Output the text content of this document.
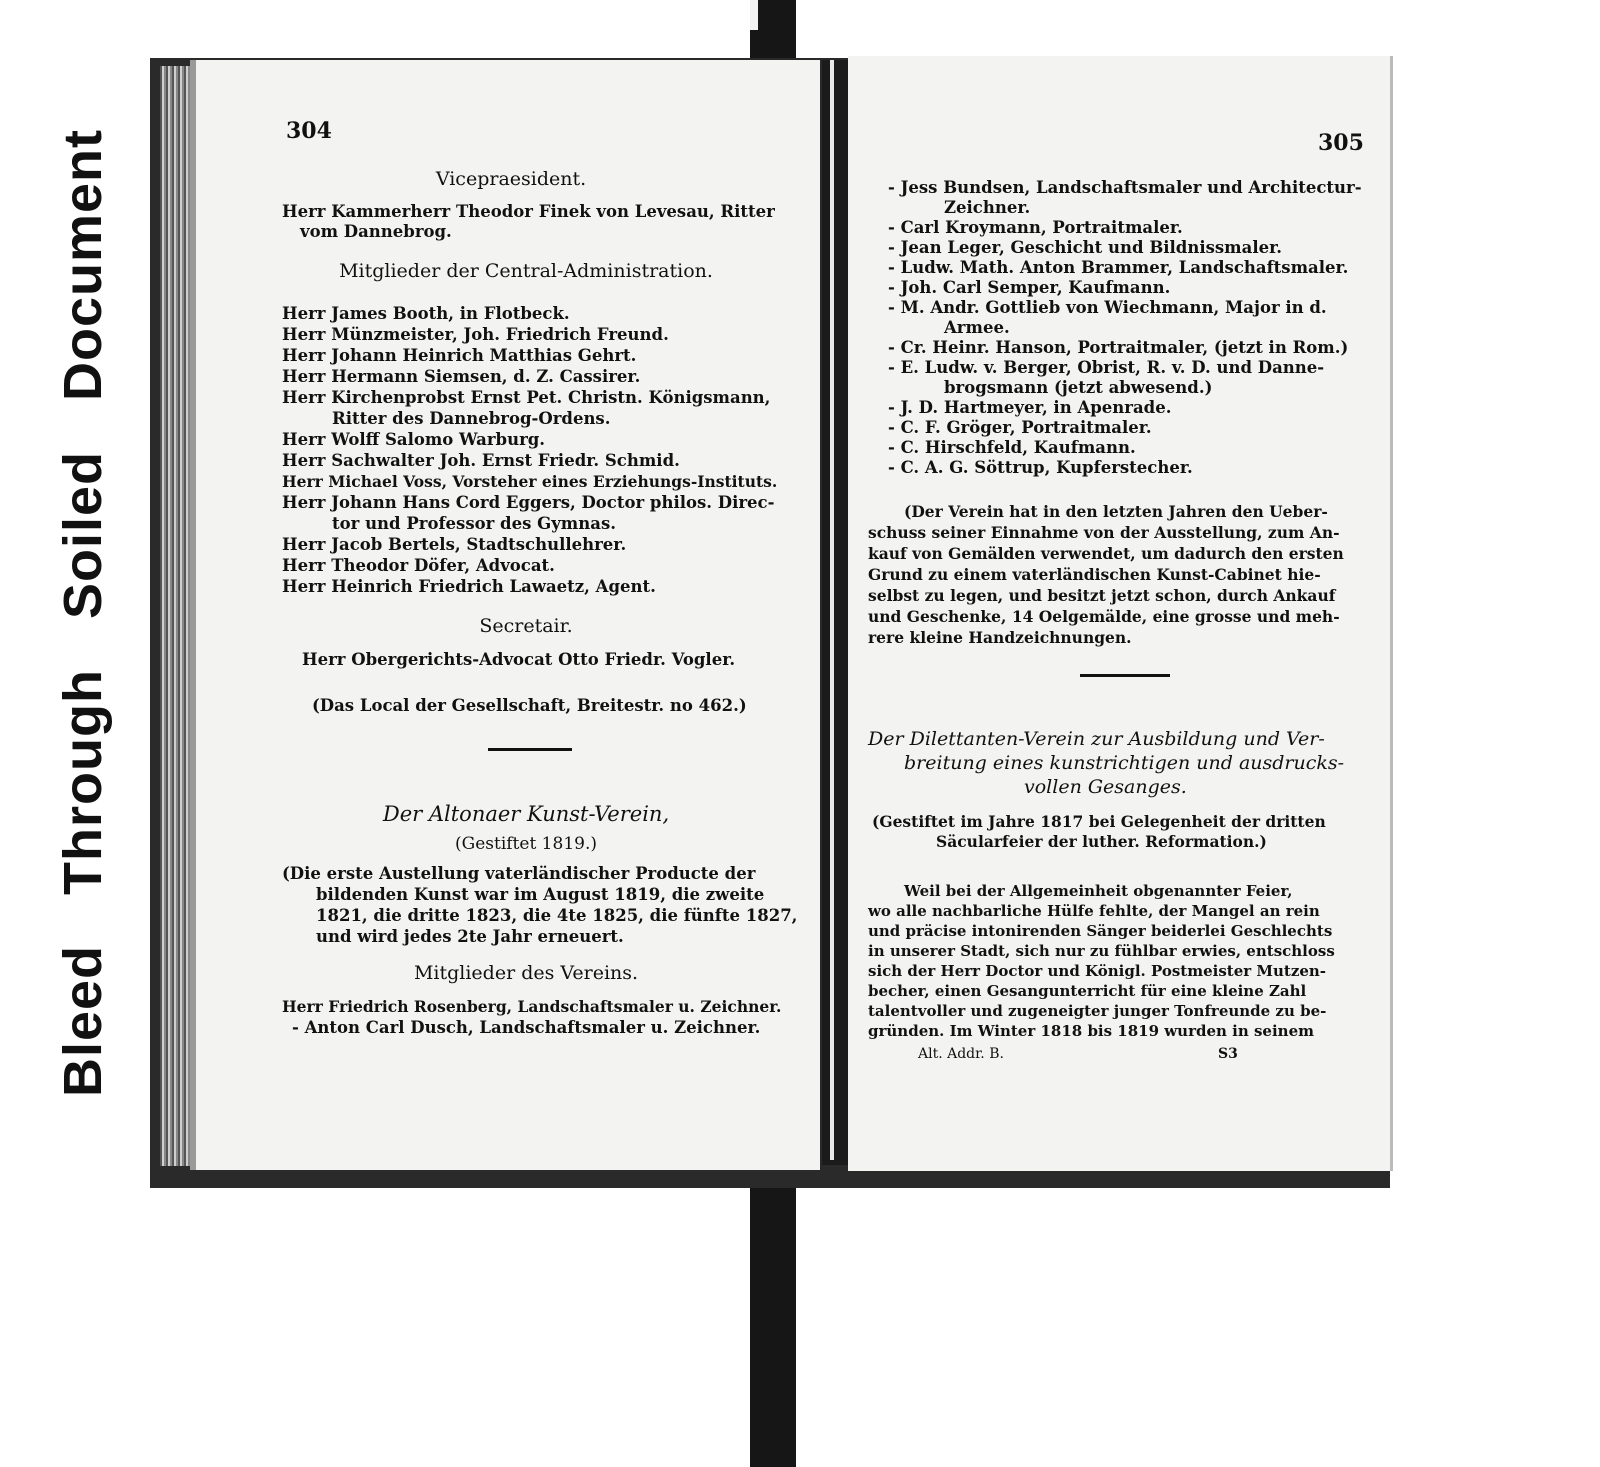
304
Vicepraesident.
Herr Kammerherr Theodor Finek von Levesau, Ritter
vom Dannebrog.
Mitglieder der Central-Administration.
Herr James Booth, in Flotbeck.
Herr Münzmeister, Joh. Friedrich Freund.
Herr Johann Heinrich Matthias Gehrt.
Herr Hermann Siemsen, d. Z. Cassirer.
Herr Kirchenprobst Ernst Pet. Christn. Königsmann,
Ritter des Dannebrog-Ordens.
Herr Wolff Salomo Warburg.
Herr Sachwalter Joh. Ernst Friedr. Schmid.
Herr Michael Voss, Vorsteher eines Erziehungs-Instituts.
Herr Johann Hans Cord Eggers, Doctor philos. Direc-
tor und Professor des Gymnas.
Herr Jacob Bertels, Stadtschullehrer.
Herr Theodor Döfer, Advocat.
Herr Heinrich Friedrich Lawaetz, Agent.
Secretair.
Herr Obergerichts-Advocat Otto Friedr. Vogler.
(Das Local der Gesellschaft, Breitestr. no 462.)
Der Altonaer Kunst-Verein,
(Gestiftet 1819.)
(Die erste Austellung vaterländischer Producte der
bildenden Kunst war im August 1819, die zweite
1821, die dritte 1823, die 4te 1825, die fünfte 1827,
und wird jedes 2te Jahr erneuert.
Mitglieder des Vereins.
Herr Friedrich Rosenberg, Landschaftsmaler u. Zeichner.
- Anton Carl Dusch, Landschaftsmaler u. Zeichner.
305
- Jess Bundsen, Landschaftsmaler und Architectur-
Zeichner.
- Carl Kroymann, Portraitmaler.
- Jean Leger, Geschicht und Bildnissmaler.
- Ludw. Math. Anton Brammer, Landschaftsmaler.
- Joh. Carl Semper, Kaufmann.
- M. Andr. Gottlieb von Wiechmann, Major in d.
Armee.
- Cr. Heinr. Hanson, Portraitmaler, (jetzt in Rom.)
- E. Ludw. v. Berger, Obrist, R. v. D. und Danne-
brogsmann (jetzt abwesend.)
- J. D. Hartmeyer, in Apenrade.
- C. F. Gröger, Portraitmaler.
- C. Hirschfeld, Kaufmann.
- C. A. G. Söttrup, Kupferstecher.
(Der Verein hat in den letzten Jahren den Ueber-
schuss seiner Einnahme von der Ausstellung, zum An-
kauf von Gemälden verwendet, um dadurch den ersten
Grund zu einem vaterländischen Kunst-Cabinet hie-
selbst zu legen, und besitzt jetzt schon, durch Ankauf
und Geschenke, 14 Oelgemälde, eine grosse und meh-
rere kleine Handzeichnungen.
Der Dilettanten-Verein zur Ausbildung und Ver-
breitung eines kunstrichtigen und ausdrucks-
vollen Gesanges.
(Gestiftet im Jahre 1817 bei Gelegenheit der dritten
Säcularfeier der luther. Reformation.)
Weil bei der Allgemeinheit obgenannter Feier,
wo alle nachbarliche Hülfe fehlte, der Mangel an rein
und präcise intonirenden Sänger beiderlei Geschlechts
in unserer Stadt, sich nur zu fühlbar erwies, entschloss
sich der Herr Doctor und Königl. Postmeister Mutzen-
becher, einen Gesangunterricht für eine kleine Zahl
talentvoller und zugeneigter junger Tonfreunde zu be-
gründen. Im Winter 1818 bis 1819 wurden in seinem
Alt. Addr. B.	S3
Bleed Through Soiled Document
